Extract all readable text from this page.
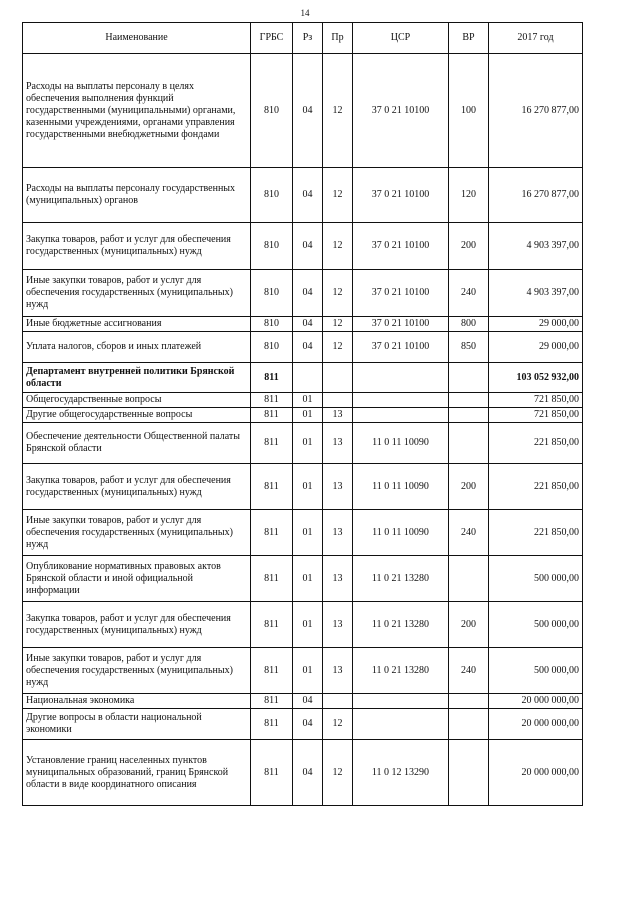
14
Наименование	ГРБС	Рз	Пр	ЦСР	ВР	2017 год
Расходы на выплаты персоналу в целях обеспечения выполнения функций государственными (муниципальными) органами, казенными учреждениями, органами управления государственными внебюджетными фондами	810	04	12	37 0 21 10100	100	16 270 877,00
Расходы на выплаты персоналу государственных (муниципальных) органов	810	04	12	37 0 21 10100	120	16 270 877,00
Закупка товаров, работ и услуг для обеспечения государственных (муниципальных) нужд	810	04	12	37 0 21 10100	200	4 903 397,00
Иные закупки товаров, работ и услуг для обеспечения государственных (муниципальных) нужд	810	04	12	37 0 21 10100	240	4 903 397,00
Иные бюджетные ассигнования	810	04	12	37 0 21 10100	800	29 000,00
Уплата налогов, сборов и иных платежей	810	04	12	37 0 21 10100	850	29 000,00
Департамент внутренней политики Брянской области	811					103 052 932,00
Общегосударственные вопросы	811	01				721 850,00
Другие общегосударственные вопросы	811	01	13			721 850,00
Обеспечение деятельности Общественной палаты Брянской области	811	01	13	11 0 11 10090		221 850,00
Закупка товаров, работ и услуг для обеспечения государственных (муниципальных) нужд	811	01	13	11 0 11 10090	200	221 850,00
Иные закупки товаров, работ и услуг для обеспечения государственных (муниципальных) нужд	811	01	13	11 0 11 10090	240	221 850,00
Опубликование нормативных правовых актов Брянской области и иной официальной информации	811	01	13	11 0 21 13280		500 000,00
Закупка товаров, работ и услуг для обеспечения государственных (муниципальных) нужд	811	01	13	11 0 21 13280	200	500 000,00
Иные закупки товаров, работ и услуг для обеспечения государственных (муниципальных) нужд	811	01	13	11 0 21 13280	240	500 000,00
Национальная экономика	811	04				20 000 000,00
Другие вопросы в области национальной экономики	811	04	12			20 000 000,00
Установление границ населенных пунктов муниципальных образований, границ Брянской области в виде координатного описания	811	04	12	11 0 12 13290		20 000 000,00
